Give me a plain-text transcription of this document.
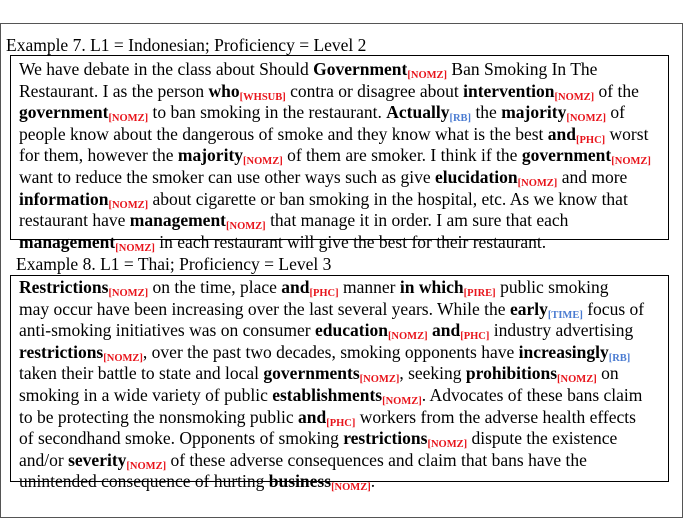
Example 7. L1 = Indonesian; Proficiency = Level 2
We have debate in the class about Should Government[NOMZ] Ban Smoking In The
Restaurant. I as the person who[WHSUB] contra or disagree about intervention[NOMZ] of the
government[NOMZ] to ban smoking in the restaurant. Actually[RB] the majority[NOMZ] of
people know about the dangerous of smoke and they know what is the best and[PHC] worst
for them, however the majority[NOMZ] of them are smoker. I think if the government[NOMZ]
want to reduce the smoker can use other ways such as give elucidation[NOMZ] and more
information[NOMZ] about cigarette or ban smoking in the hospital, etc. As we know that
restaurant have management[NOMZ] that manage it in order. I am sure that each
management[NOMZ] in each restaurant will give the best for their restaurant.
Example 8. L1 = Thai; Proficiency = Level 3
Restrictions[NOMZ] on the time, place and[PHC] manner in which[PIRE] public smoking
may occur have been increasing over the last several years. While the early[TIME] focus of
anti-smoking initiatives was on consumer education[NOMZ] and[PHC] industry advertising
restrictions[NOMZ], over the past two decades, smoking opponents have increasingly[RB]
taken their battle to state and local governments[NOMZ], seeking prohibitions[NOMZ] on
smoking in a wide variety of public establishments[NOMZ]. Advocates of these bans claim
to be protecting the nonsmoking public and[PHC] workers from the adverse health effects
of secondhand smoke. Opponents of smoking restrictions[NOMZ] dispute the existence
and/or severity[NOMZ] of these adverse consequences and claim that bans have the
unintended consequence of hurting business[NOMZ].
